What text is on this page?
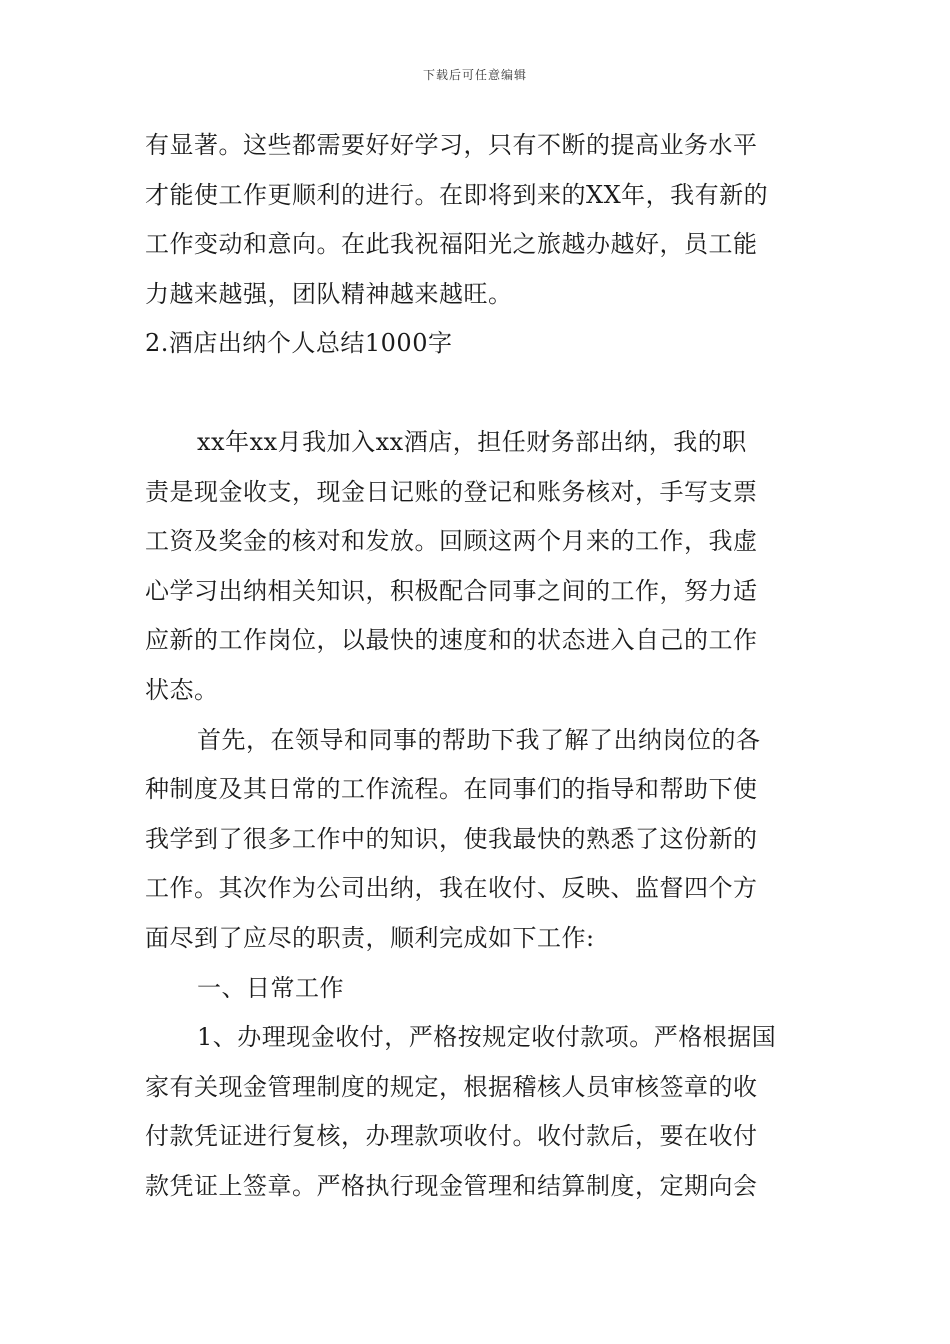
下载后可任意编辑
有显著。这些都需要好好学习，只有不断的提高业务水平
才能使工作更顺利的进行。在即将到来的XX年，我有新的
工作变动和意向。在此我祝福阳光之旅越办越好，员工能
力越来越强，团队精神越来越旺。
2.酒店出纳个人总结1000字
xx年xx月我加入xx酒店，担任财务部出纳，我的职
责是现金收支，现金日记账的登记和账务核对，手写支票
工资及奖金的核对和发放。回顾这两个月来的工作，我虚
心学习出纳相关知识，积极配合同事之间的工作，努力适
应新的工作岗位，以最快的速度和的状态进入自己的工作
状态。
首先，在领导和同事的帮助下我了解了出纳岗位的各
种制度及其日常的工作流程。在同事们的指导和帮助下使
我学到了很多工作中的知识，使我最快的熟悉了这份新的
工作。其次作为公司出纳，我在收付、反映、监督四个方
面尽到了应尽的职责，顺利完成如下工作:
一、日常工作
1、办理现金收付，严格按规定收付款项。严格根据国
家有关现金管理制度的规定，根据稽核人员审核签章的收
付款凭证进行复核，办理款项收付。收付款后，要在收付
款凭证上签章。严格执行现金管理和结算制度，定期向会
